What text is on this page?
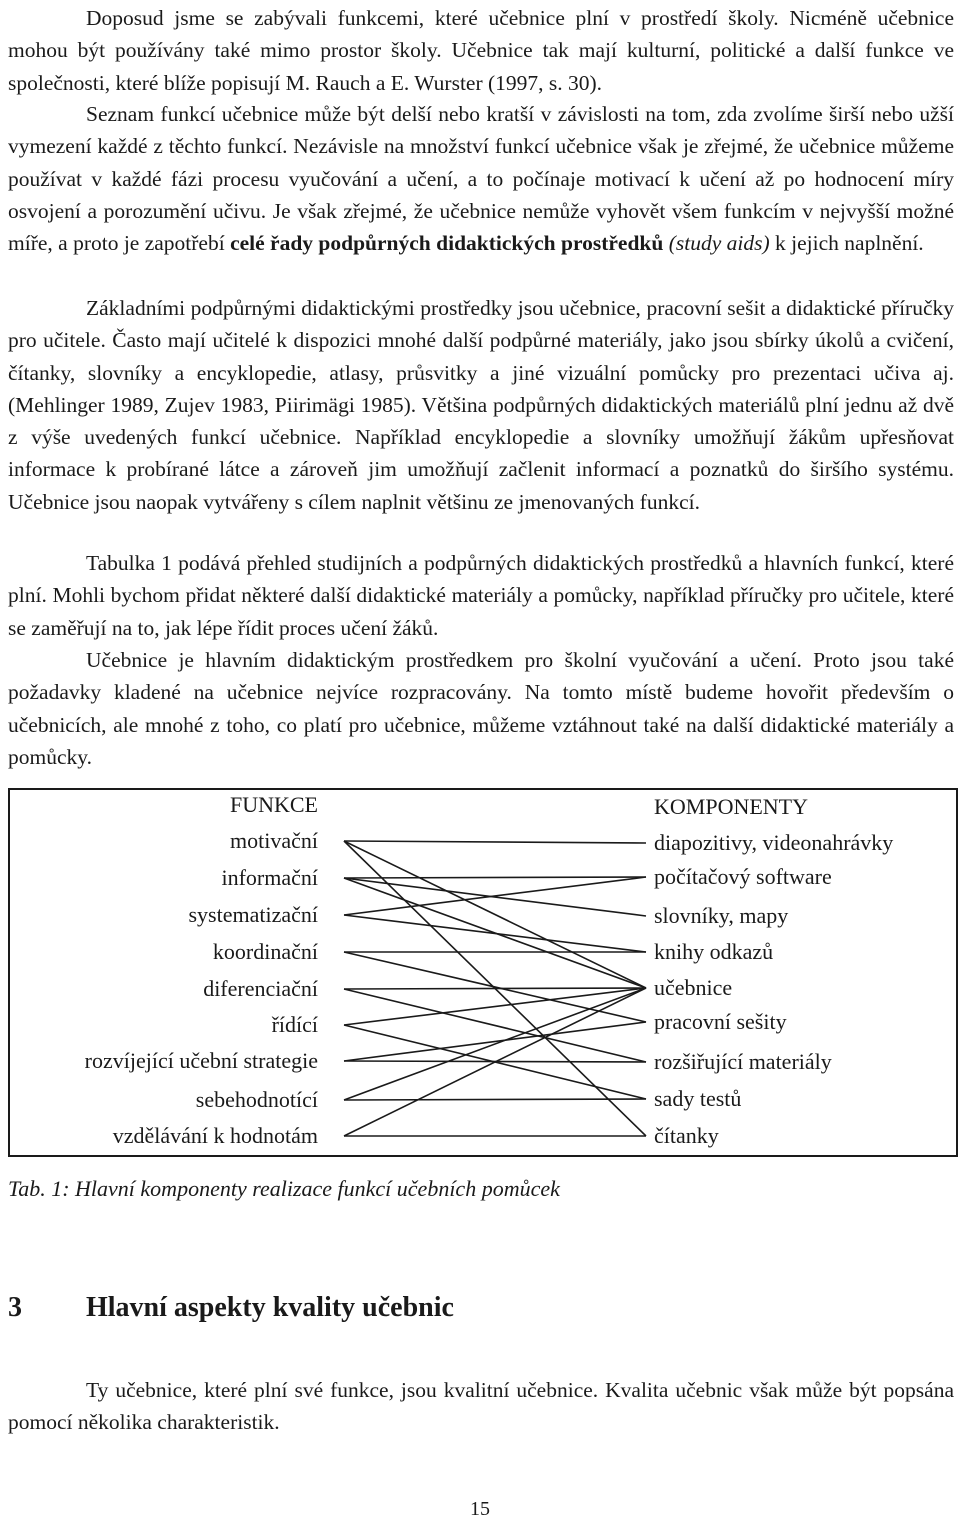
Doposud jsme se zabývali funkcemi, které učebnice plní v prostředí školy. Nicméně učebnice mohou být používány také mimo prostor školy. Učebnice tak mají kulturní, politické a další funkce ve společnosti, které blíže popisují M. Rauch a E. Wurster (1997, s. 30).

Seznam funkcí učebnice může být delší nebo kratší v závislosti na tom, zda zvolíme širší nebo užší vymezení každé z těchto funkcí. Nezávisle na množství funkcí učebnice však je zřejmé, že učebnice můžeme používat v každé fázi procesu vyučování a učení, a to počínaje motivací k učení až po hodnocení míry osvojení a porozumění učivu. Je však zřejmé, že učebnice nemůže vyhovět všem funkcím v nejvyšší možné míře, a proto je zapotřebí celé řady podpůrných didaktických prostředků (study aids) k jejich naplnění.

Základními podpůrnými didaktickými prostředky jsou učebnice, pracovní sešit a didaktické příručky pro učitele. Často mají učitelé k dispozici mnohé další podpůrné materiály, jako jsou sbírky úkolů a cvičení, čítanky, slovníky a encyklopedie, atlasy, průsvitky a jiné vizuální pomůcky pro prezentaci učiva aj. (Mehlinger 1989, Zujev 1983, Piirimägi 1985). Většina podpůrných didaktických materiálů plní jednu až dvě z výše uvedených funkcí učebnice. Například encyklopedie a slovníky umožňují žákům upřesňovat informace k probírané látce a zároveň jim umožňují začlenit informací a poznatků do širšího systému. Učebnice jsou naopak vytvářeny s cílem naplnit většinu ze jmenovaných funkcí.

Tabulka 1 podává přehled studijních a podpůrných didaktických prostředků a hlavních funkcí, které plní. Mohli bychom přidat některé další didaktické materiály a pomůcky, například příručky pro učitele, které se zaměřují na to, jak lépe řídit proces učení žáků.

Učebnice je hlavním didaktickým prostředkem pro školní vyučování a učení. Proto jsou také požadavky kladené na učebnice nejvíce rozpracovány. Na tomto místě budeme hovořit především o učebnicích, ale mnohé z toho, co platí pro učebnice, můžeme vztáhnout také na další didaktické materiály a pomůcky.

FUNKCE
motivační
informační
systematizační
koordinační
diferenciační
řídící
rozvíjející učební strategie
sebehodnotící
vzdělávání k hodnotám
KOMPONENTY
diapozitivy, videonahrávky
počítačový software
slovníky, mapy
knihy odkazů
učebnice
pracovní sešity
rozšiřující materiály
sady testů
čítanky
Tab. 1: Hlavní komponenty realizace funkcí učebních pomůcek
3 Hlavní aspekty kvality učebnic

Ty učebnice, které plní své funkce, jsou kvalitní učebnice. Kvalita učebnic však může být popsána pomocí několika charakteristik.

15
